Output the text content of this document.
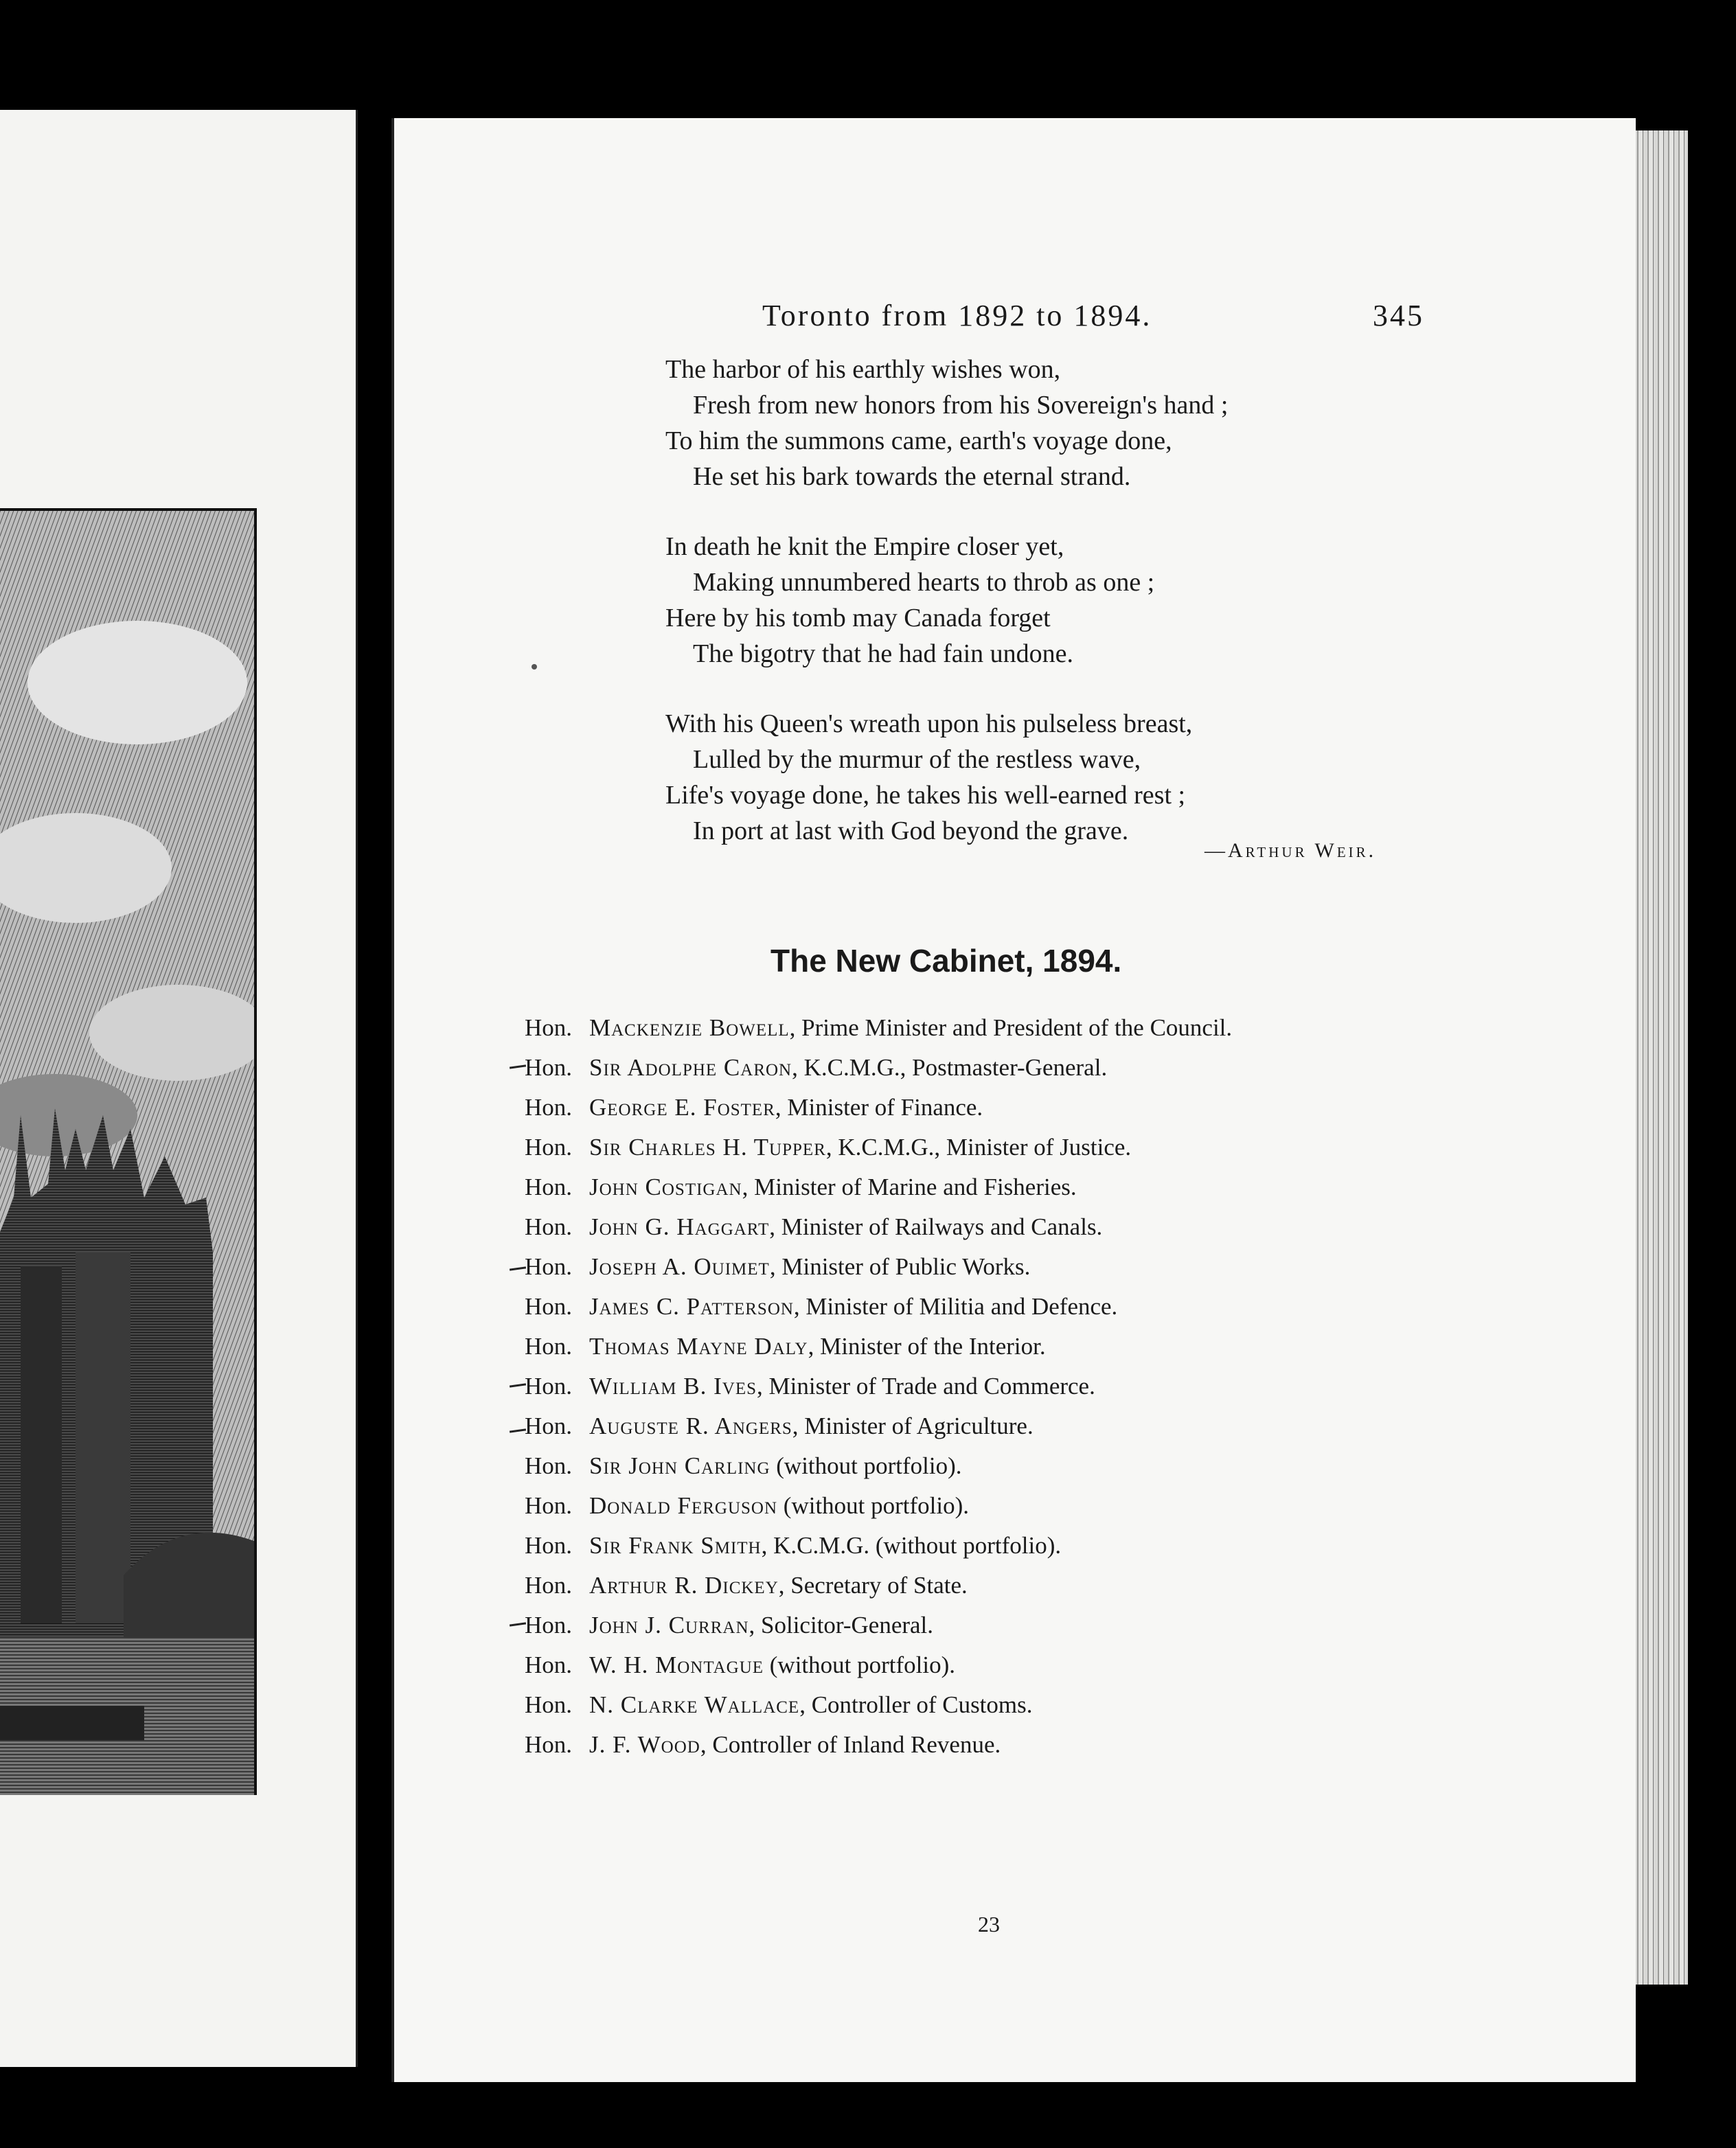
Toronto from 1892 to 1894.	345
The harbor of his earthly wishes won,
Fresh from new honors from his Sovereign's hand ;
To him the summons came, earth's voyage done,
He set his bark towards the eternal strand.
In death he knit the Empire closer yet,
Making unnumbered hearts to throb as one ;
Here by his tomb may Canada forget
The bigotry that he had fain undone.
With his Queen's wreath upon his pulseless breast,
Lulled by the murmur of the restless wave,
Life's voyage done, he takes his well-earned rest ;
In port at last with God beyond the grave.
—Arthur Weir.
The New Cabinet, 1894.
Hon. Mackenzie Bowell, Prime Minister and President of the Council.
Hon. Sir Adolphe Caron, K.C.M.G., Postmaster-General.
Hon. George E. Foster, Minister of Finance.
Hon. Sir Charles H. Tupper, K.C.M.G., Minister of Justice.
Hon. John Costigan, Minister of Marine and Fisheries.
Hon. John G. Haggart, Minister of Railways and Canals.
Hon. Joseph A. Ouimet, Minister of Public Works.
Hon. James C. Patterson, Minister of Militia and Defence.
Hon. Thomas Mayne Daly, Minister of the Interior.
Hon. William B. Ives, Minister of Trade and Commerce.
Hon. Auguste R. Angers, Minister of Agriculture.
Hon. Sir John Carling (without portfolio).
Hon. Donald Ferguson (without portfolio).
Hon. Sir Frank Smith, K.C.M.G. (without portfolio).
Hon. Arthur R. Dickey, Secretary of State.
Hon. John J. Curran, Solicitor-General.
Hon. W. H. Montague (without portfolio).
Hon. N. Clarke Wallace, Controller of Customs.
Hon. J. F. Wood, Controller of Inland Revenue.
23
